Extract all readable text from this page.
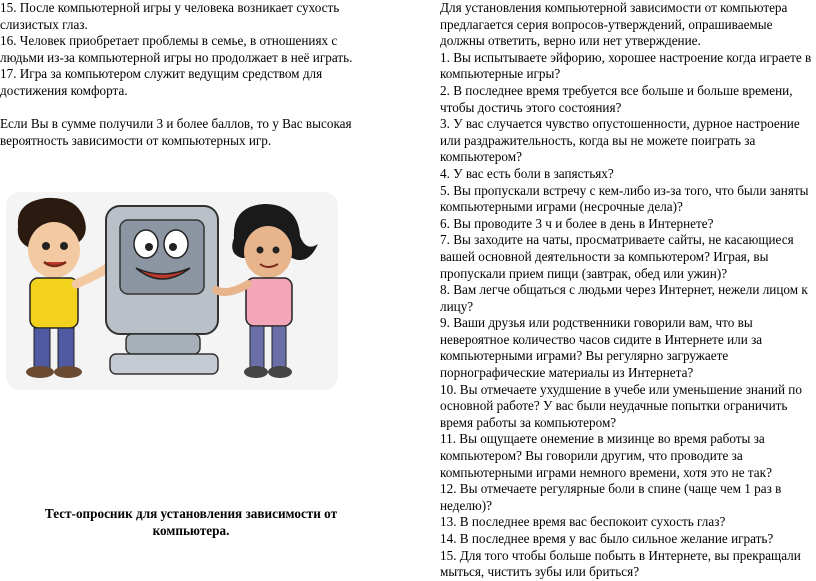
15. После компьютерной игры у человека возникает сухость слизистых глаз.

16. Человек приобретает проблемы в семье, в отношениях с людьми из-за компьютерной игры но продолжает в неё играть.

17. Игра за компьютером служит ведущим средством для достижения комфорта.

Если Вы в сумме получили 3 и более баллов, то у Вас высокая вероятность зависимости от компьютерных игр.

Тест-опросник для установления зависимости от компьютера.

Для установления компьютерной зависимости от компьютера предлагается серия вопросов-утверждений, опрашиваемые должны ответить, верно или нет утверждение.

1. Вы испытываете эйфорию, хорошее настроение когда играете в компьютерные игры?

2. В последнее время требуется все больше и больше времени, чтобы достичь этого состояния?

3. У вас случается чувство опустошенности, дурное настроение или раздражительность, когда вы не можете поиграть за компьютером?

4. У вас есть боли в запястьях?

5. Вы пропускали встречу с кем-либо из-за того, что были заняты компьютерными играми (несрочные дела)?

6. Вы проводите 3 ч и более в день в Интернете?

7. Вы заходите на чаты, просматриваете сайты, не касающиеся вашей основной деятельности за компьютером? Играя, вы пропускали прием пищи (завтрак, обед или ужин)?

8. Вам легче общаться с людьми через Интернет, нежели лицом к лицу?

9. Ваши друзья или родственники говорили вам, что вы невероятное количество часов сидите в Интернете или за компьютерными играми? Вы регулярно загружаете порнографические материалы из Интернета?

10. Вы отмечаете ухудшение в учебе или уменьшение знаний по основной работе? У вас были неудачные попытки ограничить время работы за компьютером?

11. Вы ощущаете онемение в мизинце во время работы за компьютером? Вы говорили другим, что проводите за компьютерными играми немного времени, хотя это не так?

12. Вы отмечаете регулярные боли в спине (чаще чем 1 раз в неделю)?

13. В последнее время вас беспокоит сухость глаз?

14. В последнее время у вас было сильное желание играть?

15. Для того чтобы больше побыть в Интернете, вы прекращали мыться, чистить зубы или бриться?
